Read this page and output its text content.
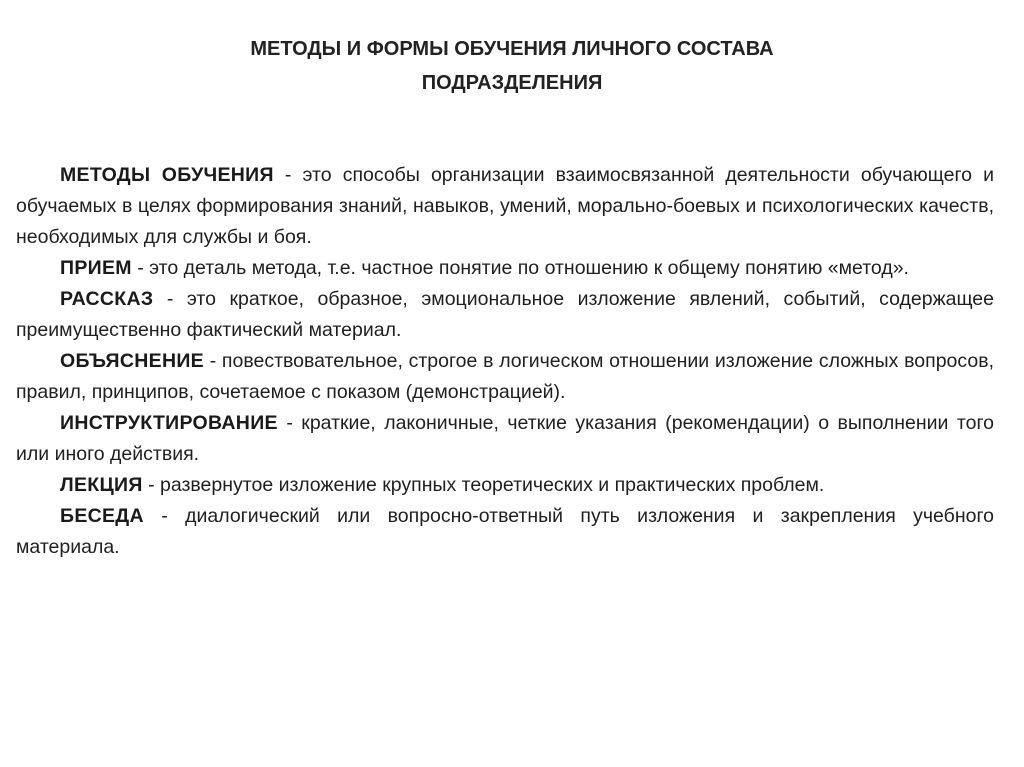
МЕТОДЫ И ФОРМЫ ОБУЧЕНИЯ ЛИЧНОГО СОСТАВА
ПОДРАЗДЕЛЕНИЯ

МЕТОДЫ ОБУЧЕНИЯ - это способы организации взаимосвязанной деятельности обучающего и обучаемых в целях формирования знаний, навыков, умений, морально-боевых и психологических качеств, необходимых для службы и боя.

ПРИЕМ - это деталь метода, т.е. частное понятие по отношению к общему понятию «метод».

РАССКАЗ - это краткое, образное, эмоциональное изложение явлений, событий, содержащее преимущественно фактический материал.

ОБЪЯСНЕНИЕ - повествовательное, строгое в логическом отношении изложение сложных вопросов, правил, принципов, сочетаемое с показом (демонстрацией).

ИНСТРУКТИРОВАНИЕ - краткие, лаконичные, четкие указания (рекомендации) о выполнении того или иного действия.

ЛЕКЦИЯ - развернутое изложение крупных теоретических и практических проблем.

БЕСЕДА - диалогический или вопросно-ответный путь изложения и закрепления учебного материала.
